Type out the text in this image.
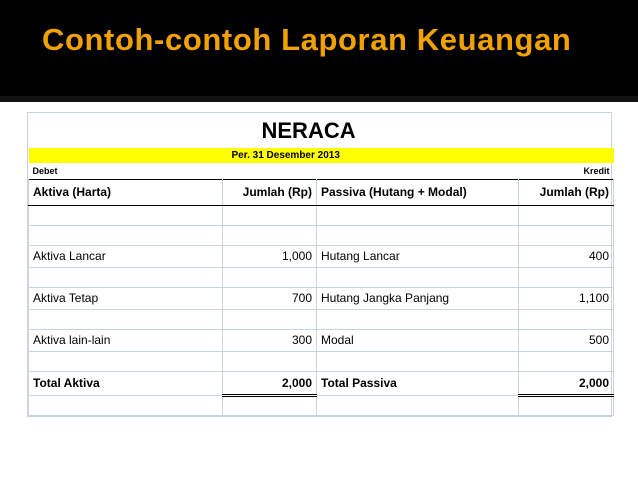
Contoh-contoh Laporan Keuangan
NERACA			
Per. 31 Desember 2013			
Debet		Kredit	
Aktiva (Harta)	Jumlah (Rp)	Passiva (Hutang + Modal)	Jumlah (Rp)

Aktiva Lancar	1,000	Hutang Lancar	400

Aktiva Tetap	700	Hutang Jangka Panjang	1,100

Aktiva lain-lain	300	Modal	500

Total Aktiva	2,000	Total Passiva	2,000
